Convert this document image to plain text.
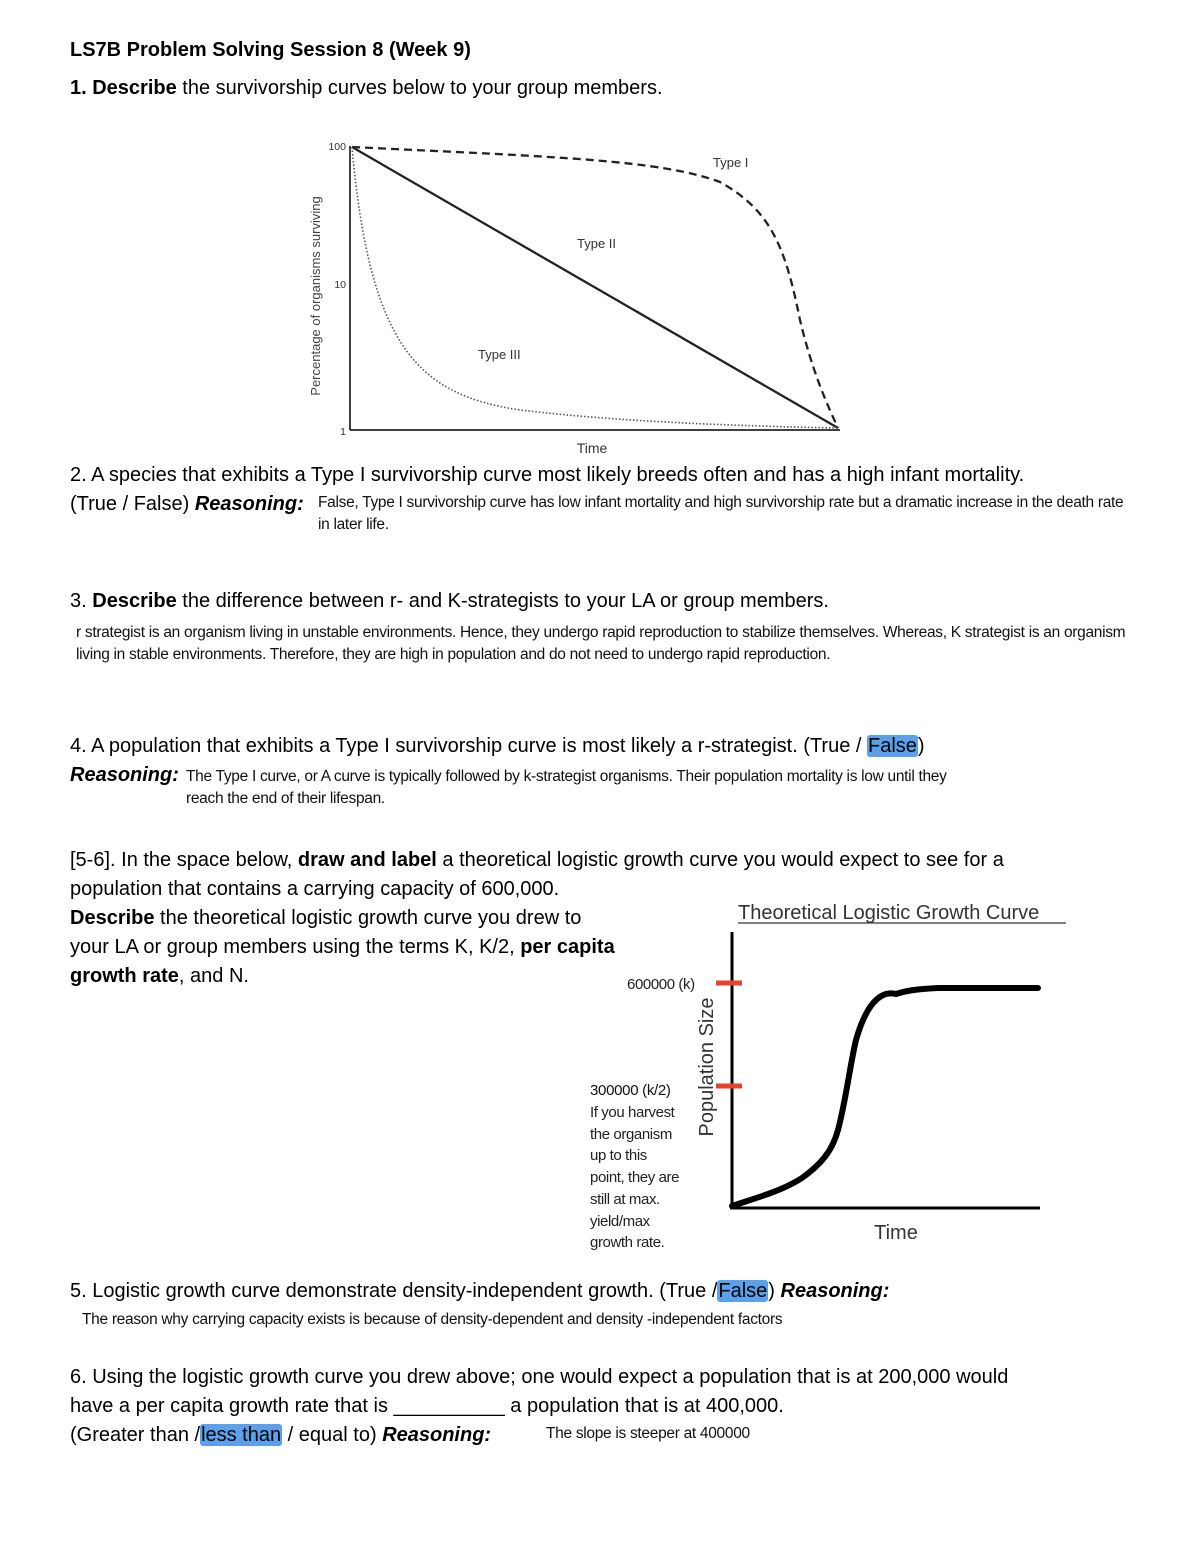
LS7B Problem Solving Session 8 (Week 9)
1. Describe the survivorship curves below to your group members.
100
10
1
Percentage of organisms surviving
Time
Type I
Type II
Type III
2. A species that exhibits a Type I survivorship curve most likely breeds often and has a high infant mortality.
(True / False) Reasoning: False, Type I survivorship curve has low infant mortality and high survivorship rate but a dramatic increase in the death rate in later life.
3. Describe the difference between r- and K-strategists to your LA or group members.
r strategist is an organism living in unstable environments. Hence, they undergo rapid reproduction to stabilize themselves. Whereas, K strategist is an organism living in stable environments. Therefore, they are high in population and do not need to undergo rapid reproduction.
4. A population that exhibits a Type I survivorship curve is most likely a r-strategist. (True / False)
Reasoning: The Type I curve, or A curve is typically followed by k-strategist organisms. Their population mortality is low until they reach the end of their lifespan.
[5-6]. In the space below, draw and label a theoretical logistic growth curve you would expect to see for a
population that contains a carrying capacity of 600,000.
Describe the theoretical logistic growth curve you drew to
your LA or group members using the terms K, K/2, per capita
growth rate, and N.
Theoretical Logistic Growth Curve
600000 (k)
Population Size
Time
300000 (k/2)
If you harvest
the organism
up to this
point, they are
still at max.
yield/max
growth rate.
5. Logistic growth curve demonstrate density-independent growth. (True /False) Reasoning:
The reason why carrying capacity exists is because of density-dependent and density -independent factors
6. Using the logistic growth curve you drew above; one would expect a population that is at 200,000 would
have a per capita growth rate that is __________ a population that is at 400,000.
(Greater than /less than / equal to) Reasoning:	The slope is steeper at 400000
